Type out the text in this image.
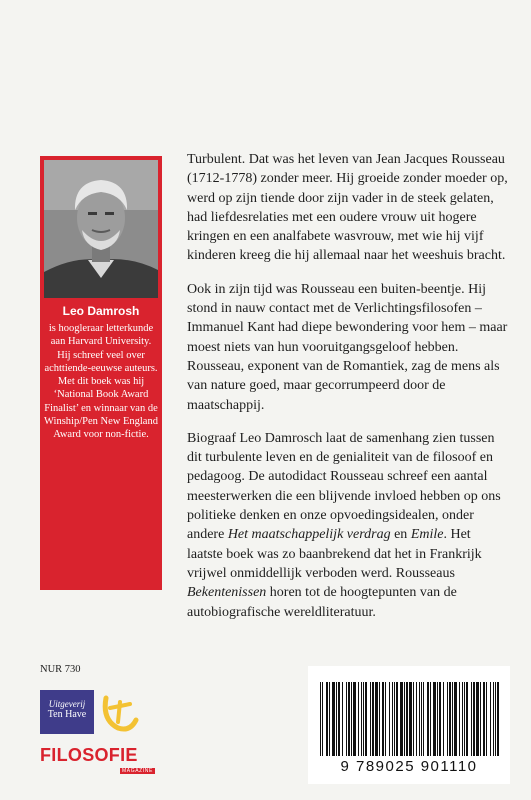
Leo Damrosh
is hoogleraar letterkunde aan Harvard University. Hij schreef veel over achttiende-eeuwse auteurs. Met dit boek was hij ‘National Book Award Finalist’ en winnaar van de Winship/Pen New England Award voor non-fictie.

Turbulent. Dat was het leven van Jean Jacques Rousseau (1712-1778) zonder meer. Hij groeide zonder moeder op, werd op zijn tiende door zijn vader in de steek gelaten, had liefdesrelaties met een oudere vrouw uit hogere kringen en een analfabete wasvrouw, met wie hij vijf kinderen kreeg die hij allemaal naar het weeshuis bracht.

Ook in zijn tijd was Rousseau een buiten-beentje. Hij stond in nauw contact met de Verlichtingsfilosofen – Immanuel Kant had diepe bewondering voor hem – maar moest niets van hun vooruitgangsgeloof hebben. Rousseau, exponent van de Romantiek, zag de mens als van nature goed, maar gecorrumpeerd door de maatschappij.

Biograaf Leo Damrosch laat de samenhang zien tussen dit turbulente leven en de genialiteit van de filosoof en pedagoog. De autodidact Rousseau schreef een aantal meesterwerken die een blijvende invloed hebben op ons politieke denken en onze opvoedingsidealen, onder andere Het maatschappelijk verdrag en Emile. Het laatste boek was zo baanbrekend dat het in Frankrijk vrijwel onmiddellijk verboden werd. Rousseaus Bekentenissen horen tot de hoogtepunten van de autobiografische wereldliteratuur.

NUR 730
Uitgeverij
Ten Have
FILOSOFIE
MAGAZINE	9 789025 901110
